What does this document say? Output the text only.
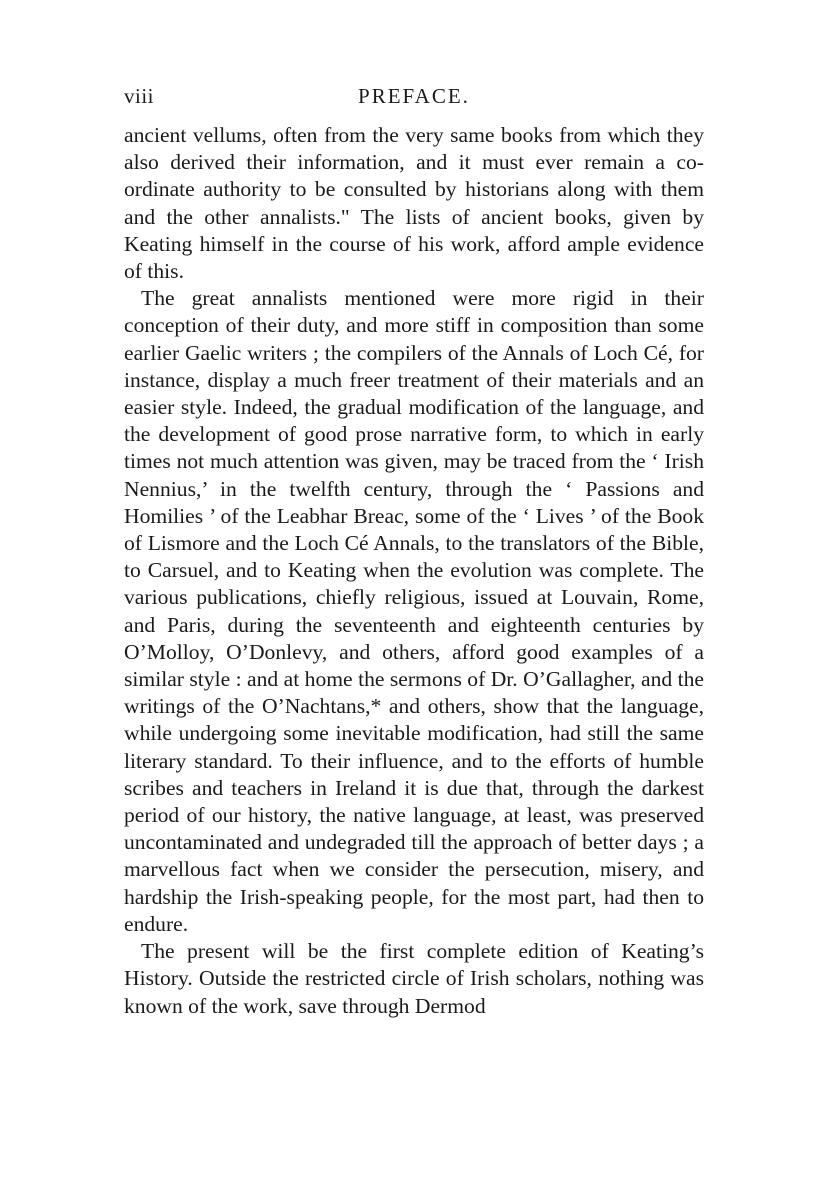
viii	PREFACE.

ancient vellums, often from the very same books from which they also derived their information, and it must ever remain a co-ordinate authority to be consulted by historians along with them and the other annalists." The lists of ancient books, given by Keating himself in the course of his work, afford ample evidence of this.

The great annalists mentioned were more rigid in their conception of their duty, and more stiff in composition than some earlier Gaelic writers ; the compilers of the Annals of Loch Cé, for instance, display a much freer treatment of their materials and an easier style. Indeed, the gradual modification of the language, and the development of good prose narrative form, to which in early times not much attention was given, may be traced from the ‘ Irish Nennius,’ in the twelfth century, through the ‘ Passions and Homilies ’ of the Leabhar Breac, some of the ‘ Lives ’ of the Book of Lismore and the Loch Cé Annals, to the translators of the Bible, to Carsuel, and to Keating when the evolution was complete. The various publications, chiefly religious, issued at Louvain, Rome, and Paris, during the seventeenth and eighteenth centuries by O’Molloy, O’Donlevy, and others, afford good examples of a similar style : and at home the sermons of Dr. O’Gallagher, and the writings of the O’Nachtans,* and others, show that the language, while undergoing some inevitable modification, had still the same literary standard. To their influence, and to the efforts of humble scribes and teachers in Ireland it is due that, through the darkest period of our history, the native language, at least, was preserved uncontaminated and undegraded till the approach of better days ; a marvellous fact when we consider the persecution, misery, and hardship the Irish-speaking people, for the most part, had then to endure.

The present will be the first complete edition of Keating’s History. Outside the restricted circle of Irish scholars, nothing was known of the work, save through Dermod
